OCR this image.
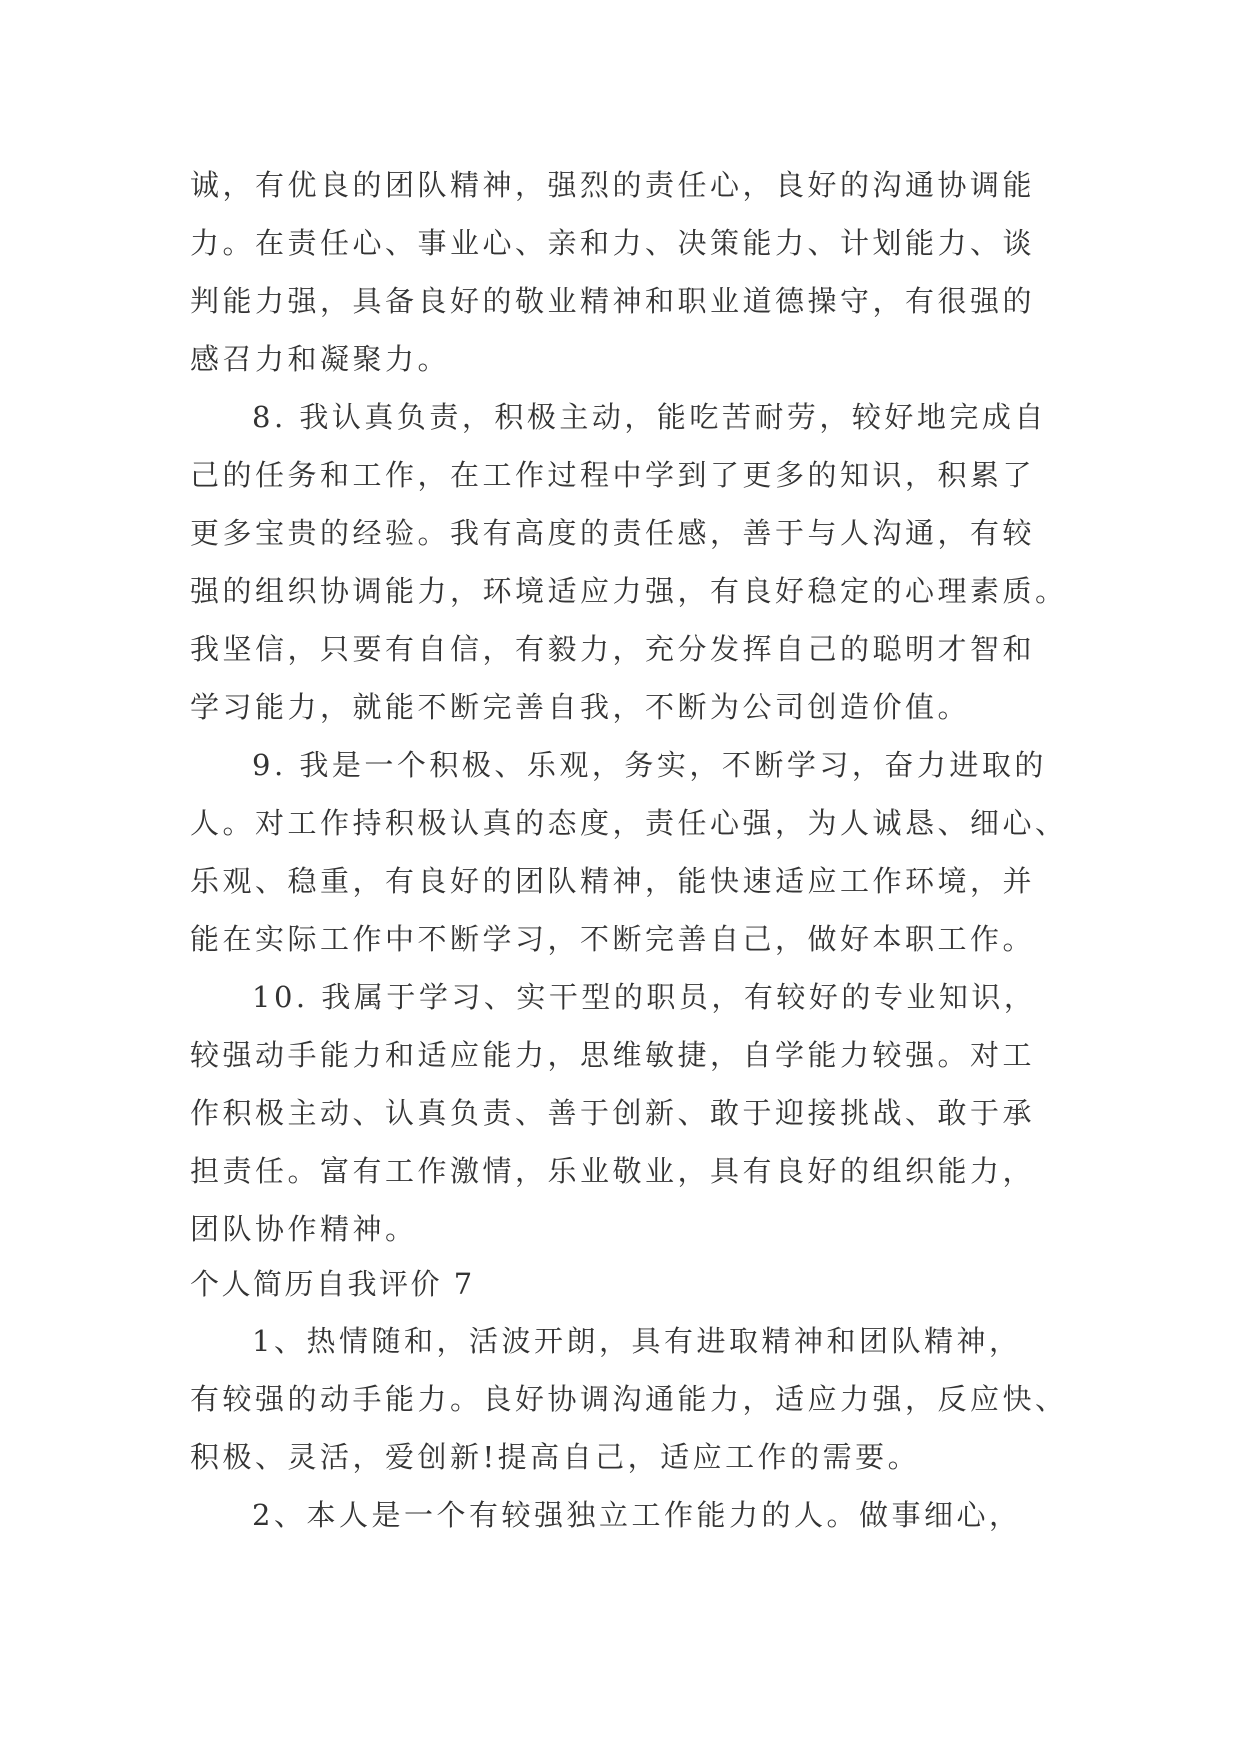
诚，有优良的团队精神，强烈的责任心，良好的沟通协调能
力。在责任心、事业心、亲和力、决策能力、计划能力、谈
判能力强，具备良好的敬业精神和职业道德操守，有很强的
感召力和凝聚力。
8. 我认真负责，积极主动，能吃苦耐劳，较好地完成自
己的任务和工作，在工作过程中学到了更多的知识，积累了
更多宝贵的经验。我有高度的责任感，善于与人沟通，有较
强的组织协调能力，环境适应力强，有良好稳定的心理素质。
我坚信，只要有自信，有毅力，充分发挥自己的聪明才智和
学习能力，就能不断完善自我，不断为公司创造价值。
9. 我是一个积极、乐观，务实，不断学习，奋力进取的
人。对工作持积极认真的态度，责任心强，为人诚恳、细心、
乐观、稳重，有良好的团队精神，能快速适应工作环境，并
能在实际工作中不断学习，不断完善自己，做好本职工作。
10. 我属于学习、实干型的职员，有较好的专业知识，
较强动手能力和适应能力，思维敏捷，自学能力较强。对工
作积极主动、认真负责、善于创新、敢于迎接挑战、敢于承
担责任。富有工作激情，乐业敬业，具有良好的组织能力，
团队协作精神。
个人简历自我评价 7
1、热情随和，活波开朗，具有进取精神和团队精神，
有较强的动手能力。良好协调沟通能力，适应力强，反应快、
积极、灵活，爱创新!提高自己，适应工作的需要。
2、本人是一个有较强独立工作能力的人。做事细心，
